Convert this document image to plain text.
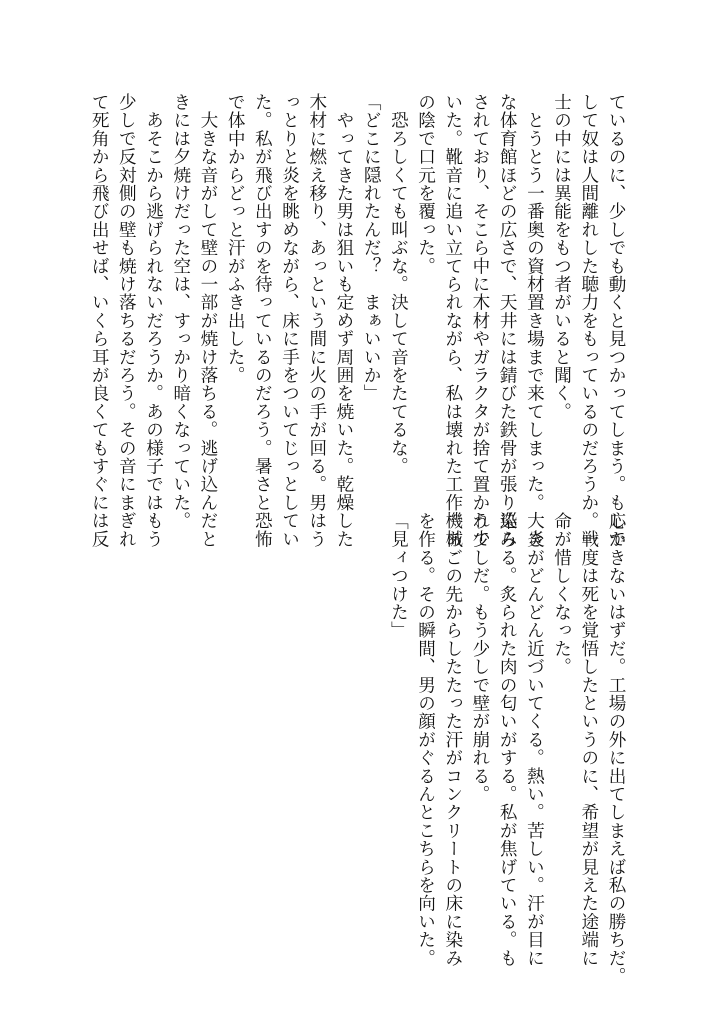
ているのに、少しでも動くと見つかってしまう。もしか
して奴は人間離れした聴力をもっているのだろうか。戦
士の中には異能をもつ者がいると聞く。
　とうとう一番奥の資材置き場まで来てしまった。大き
な体育館ほどの広さで、天井には錆びた鉄骨が張り巡ら
されており、そこら中に木材やガラクタが捨て置かれて
いた。靴音に追い立てられながら、私は壊れた工作機械
の陰で口元を覆った。
　恐ろしくても叫ぶな。決して音をたてるな。
「どこに隠れたんだ？　まぁいいか」
　やってきた男は狙いも定めず周囲を焼いた。乾燥した
木材に燃え移り、あっという間に火の手が回る。男はう
っとりと炎を眺めながら、床に手をついてじっとしてい
た。私が飛び出すのを待っているのだろう。暑さと恐怖
で体中からどっと汗がふき出した。
　大きな音がして壁の一部が焼け落ちる。逃げ込んだと
きには夕焼けだった空は、すっかり暗くなっていた。
　あそこから逃げられないだろうか。あの様子ではもう
少しで反対側の壁も焼け落ちるだろう。その音にまぎれ
て死角から飛び出せば、いくら耳が良くてもすぐには反
応できないはずだ。工場の外に出てしまえば私の勝ちだ。
　一度は死を覚悟したというのに、希望が見えた途端に
命が惜しくなった。
　炎がどんどん近づいてくる。熱い。苦しい。汗が目に
染みる。炙られた肉の匂いがする。私が焦げている。も
う少しだ。もう少しで壁が崩れる。
　あごの先からしたたった汗がコンクリートの床に染み
を作る。その瞬間、男の顔がぐるんとこちらを向いた。
「見ィつけた」
